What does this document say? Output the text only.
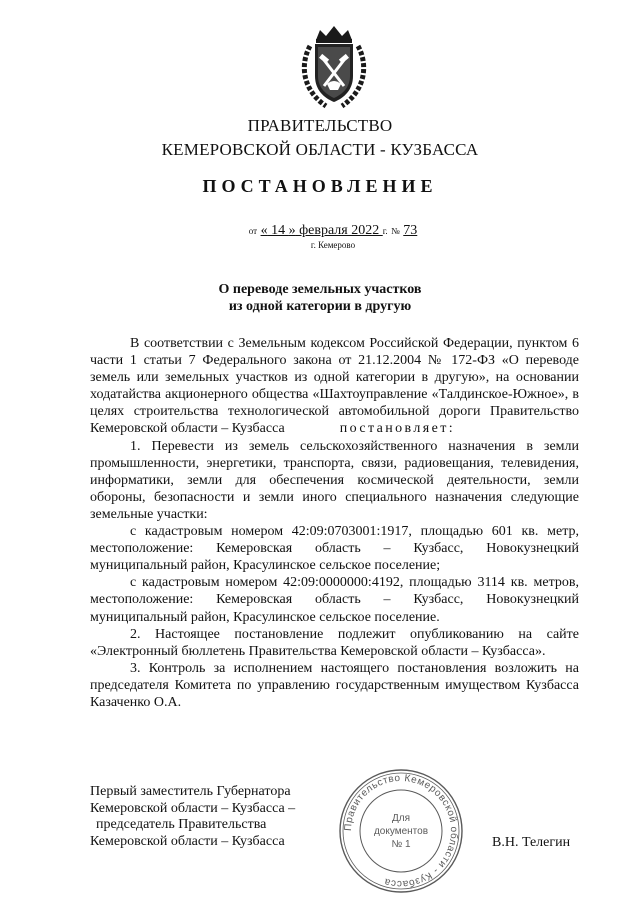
ПРАВИТЕЛЬСТВО
КЕМЕРОВСКОЙ ОБЛАСТИ - КУЗБАССА
ПОСТАНОВЛЕНИЕ
от « 14 » февраля 2022 г. № 73
г. Кемерово
О переводе земельных участков
из одной категории в другую

В соответствии с Земельным кодексом Российской Федерации, пунктом 6 части 1 статьи 7 Федерального закона от 21.12.2004 № 172-ФЗ «О переводе земель или земельных участков из одной категории в другую», на основании ходатайства акционерного общества «Шахтоуправление «Талдинское-Южное», в целях строительства технологической автомобильной дороги Правительство Кемеровской области – Кузбасса	постановляет:

1. Перевести из земель сельскохозяйственного назначения в земли промышленности, энергетики, транспорта, связи, радиовещания, телевидения, информатики, земли для обеспечения космической деятельности, земли обороны, безопасности и земли иного специального назначения следующие земельные участки:

с кадастровым номером 42:09:0703001:1917, площадью 601 кв. метр, местоположение: Кемеровская область – Кузбасс, Новокузнецкий муниципальный район, Красулинское сельское поселение;

с кадастровым номером 42:09:0000000:4192, площадью 3114 кв. метров, местоположение: Кемеровская область – Кузбасс, Новокузнецкий муниципальный район, Красулинское сельское поселение.

2. Настоящее постановление подлежит опубликованию на сайте «Электронный бюллетень Правительства Кемеровской области – Кузбасса».

3. Контроль за исполнением настоящего постановления возложить на председателя Комитета по управлению государственным имуществом Кузбасса Казаченко О.А.

Первый заместитель Губернатора
Кемеровской области – Кузбасса –
председатель Правительства
Кемеровской области – Кузбасса
Правительство Кемеровской области - Кузбасса
Для
документов
№ 1	В.Н. Телегин
